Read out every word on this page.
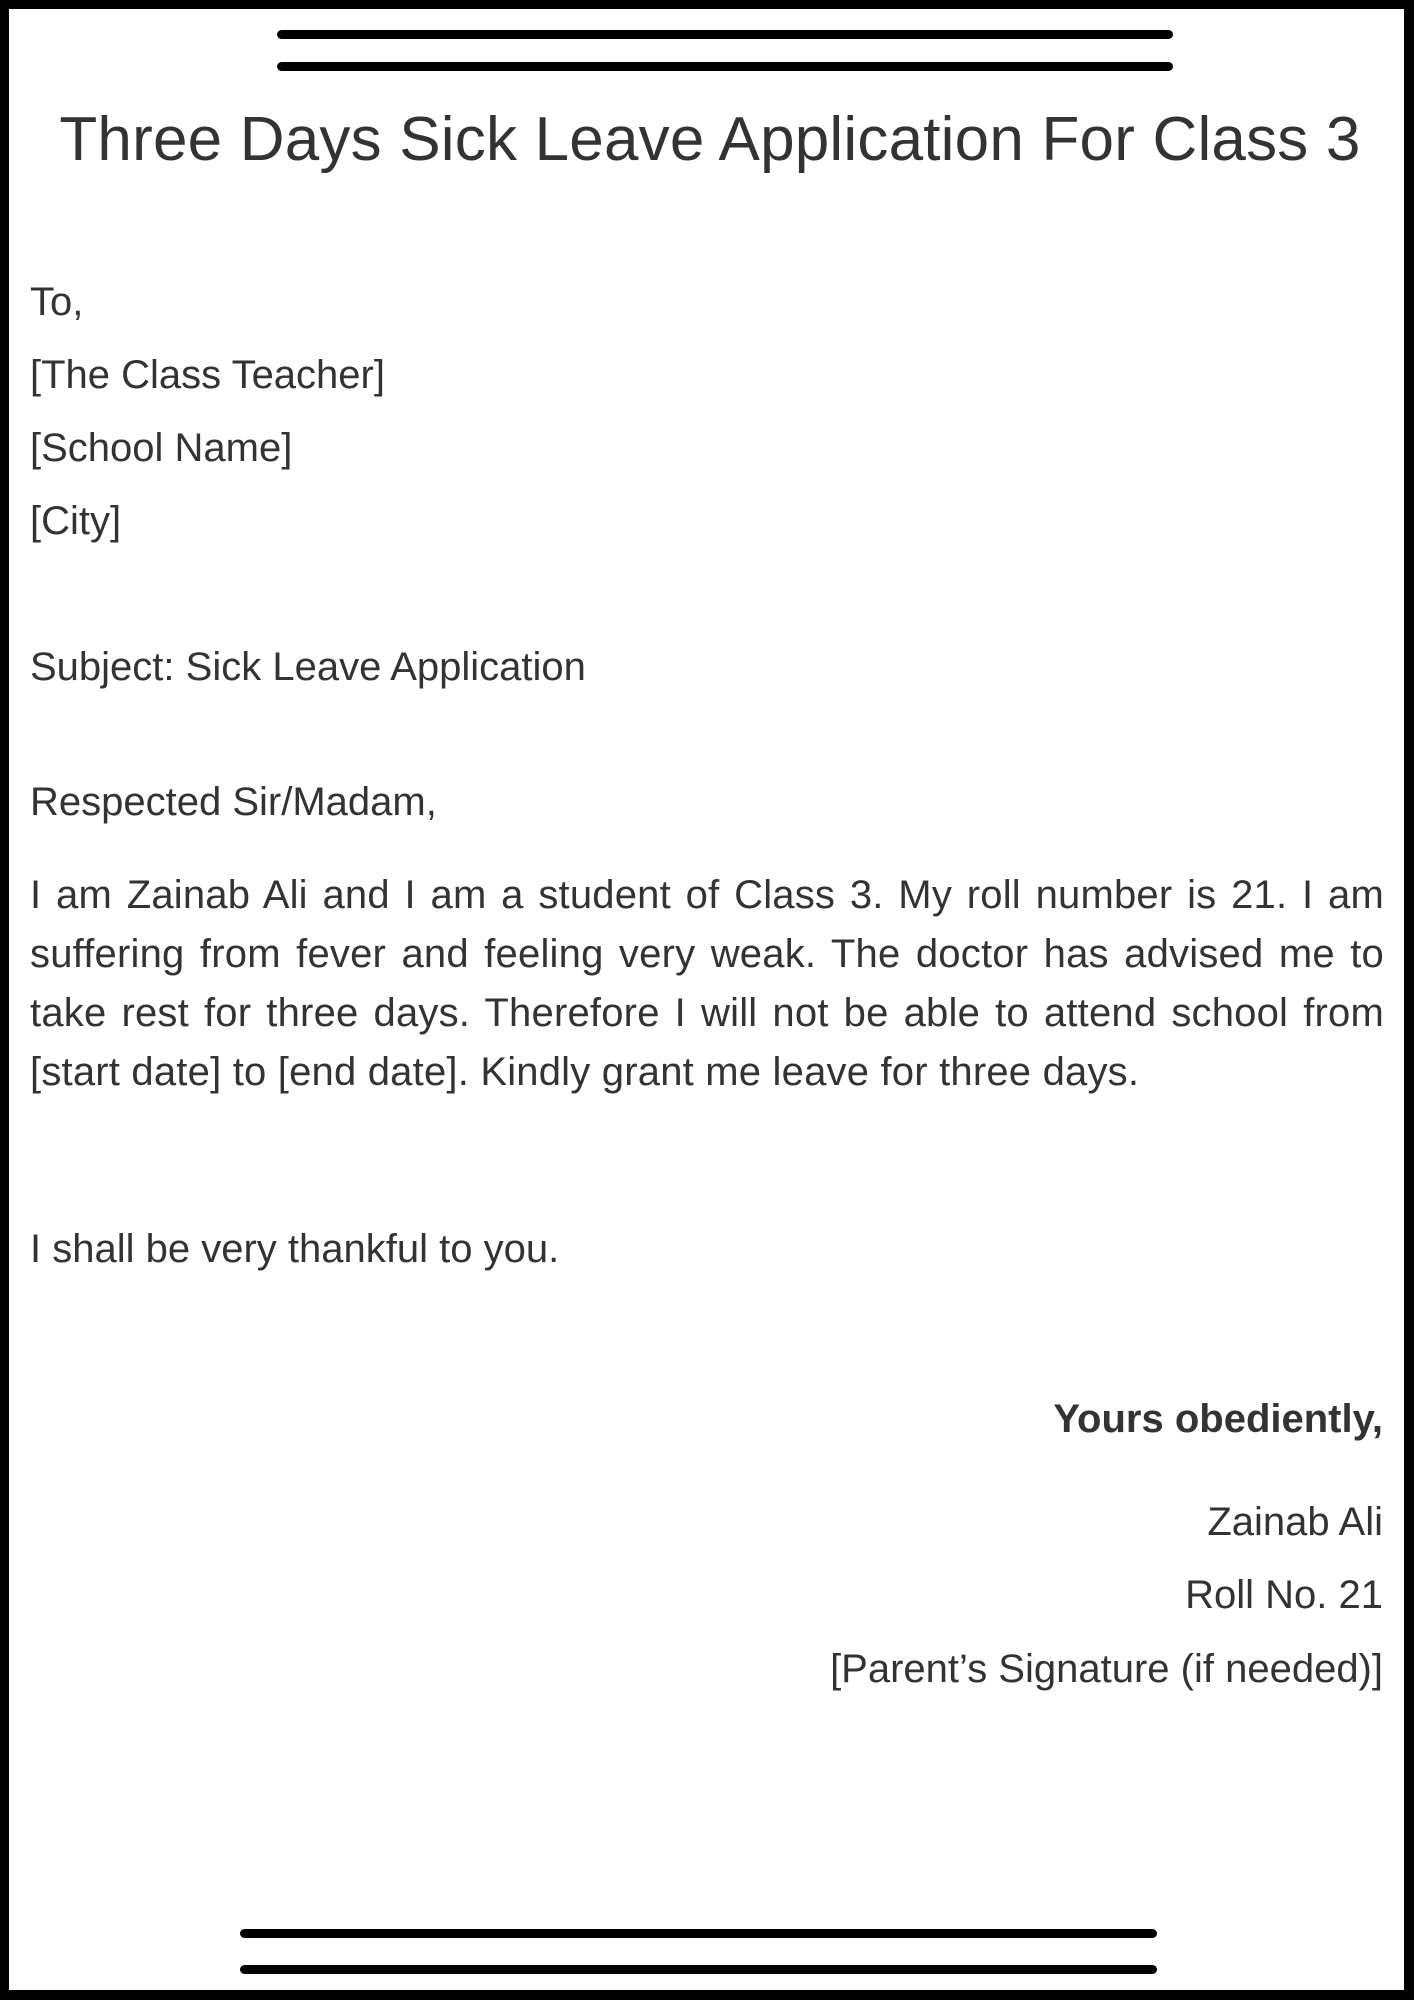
Three Days Sick Leave Application For Class 3
To,
[The Class Teacher]
[School Name]
[City]
Subject: Sick Leave Application
Respected Sir/Madam,

I am Zainab Ali and I am a student of Class 3. My roll number is 21. I am suffering from fever and feeling very weak. The doctor has advised me to take rest for three days. Therefore I will not be able to attend school from [start date] to [end date]. Kindly grant me leave for three days.

I shall be very thankful to you.
Yours obediently,
Zainab Ali
Roll No. 21
[Parent’s Signature (if needed)]
